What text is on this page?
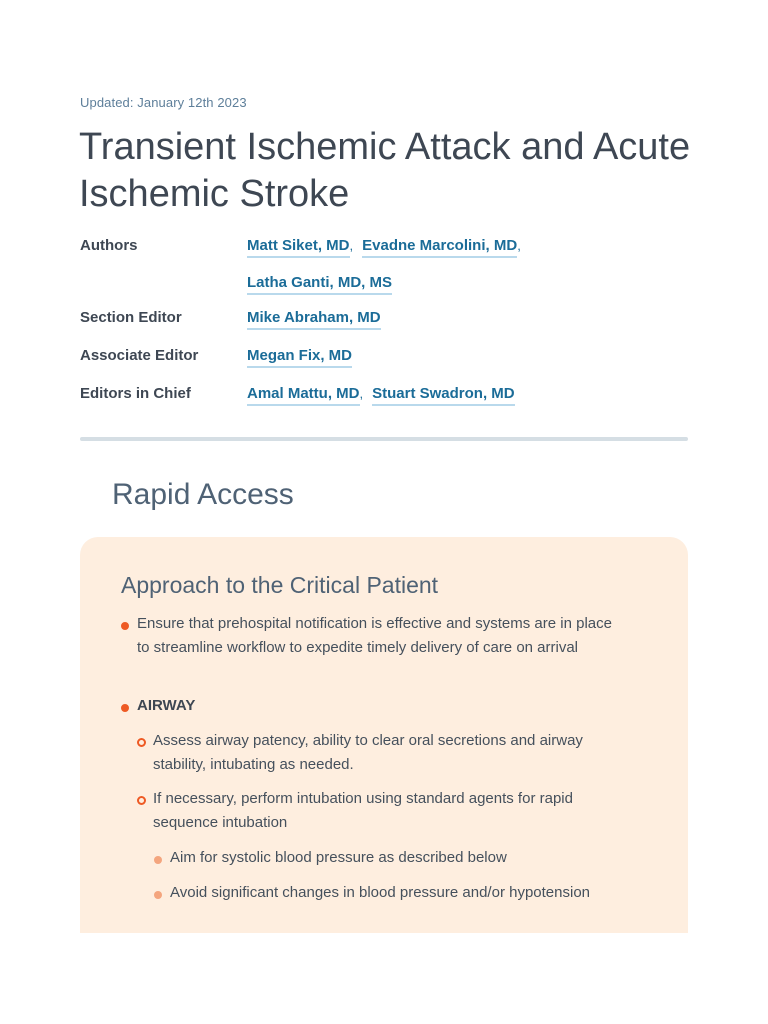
Updated: January 12th 2023
Transient Ischemic Attack and Acute Ischemic Stroke
Authors	Matt Siket, MD, Evadne Marcolini, MD,
Latha Ganti, MD, MS
Section Editor	Mike Abraham, MD
Associate Editor	Megan Fix, MD
Editors in Chief	Amal Mattu, MD, Stuart Swadron, MD
Rapid Access
Approach to the Critical Patient
Ensure that prehospital notification is effective and systems are in place to streamline workflow to expedite timely delivery of care on arrival
AIRWAY
Assess airway patency, ability to clear oral secretions and airway stability, intubating as needed.
If necessary, perform intubation using standard agents for rapid sequence intubation
Aim for systolic blood pressure as described below
Avoid significant changes in blood pressure and/or hypotension
